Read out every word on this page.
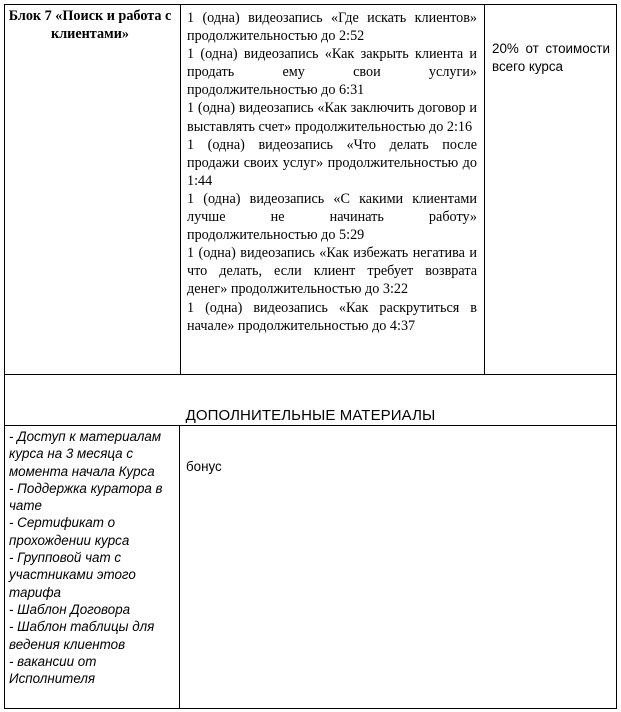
Блок 7 «Поиск и работа с клиентами»
1 (одна) видеозапись «Где искать клиентов» продолжительностью до 2:52
1 (одна) видеозапись «Как закрыть клиента и продать ему свои услуги» продолжительностью до 6:31
1 (одна) видеозапись «Как заключить договор и выставлять счет» продолжительностью до 2:16
1 (одна) видеозапись «Что делать после продажи своих услуг» продолжительностью до 1:44
1 (одна) видеозапись «С какими клиентами лучше не начинать работу» продолжительностью до 5:29
1 (одна) видеозапись «Как избежать негатива и что делать, если клиент требует возврата денег» продолжительностью до 3:22
1 (одна) видеозапись «Как раскрутиться в начале» продолжительностью до 4:37
20% от стоимости всего курса
ДОПОЛНИТЕЛЬНЫЕ МАТЕРИАЛЫ
- Доступ к материалам курса на 3 месяца с момента начала Курса
- Поддержка куратора в чате
- Сертификат о прохождении курса
- Групповой чат с участниками этого тарифа
- Шаблон Договора
- Шаблон таблицы для ведения клиентов
- вакансии от Исполнителя
бонус
